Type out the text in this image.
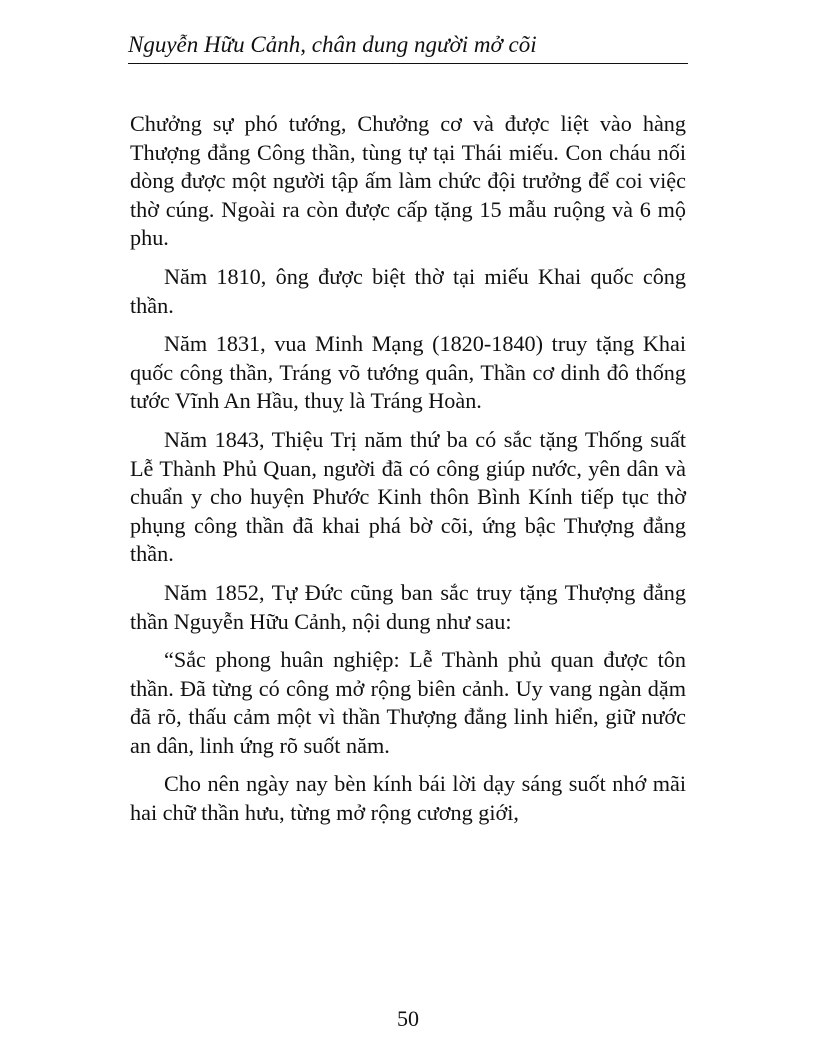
Nguyễn Hữu Cảnh, chân dung người mở cõi

Chưởng sự phó tướng, Chưởng cơ và được liệt vào hàng Thượng đẳng Công thần, tùng tự tại Thái miếu. Con cháu nối dòng được một người tập ấm làm chức đội trưởng để coi việc thờ cúng. Ngoài ra còn được cấp tặng 15 mẫu ruộng và 6 mộ phu.

Năm 1810, ông được biệt thờ tại miếu Khai quốc công thần.

Năm 1831, vua Minh Mạng (1820-1840) truy tặng Khai quốc công thần, Tráng võ tướng quân, Thần cơ dinh đô thống tước Vĩnh An Hầu, thuỵ là Tráng Hoàn.

Năm 1843, Thiệu Trị năm thứ ba có sắc tặng Thống suất Lễ Thành Phủ Quan, người đã có công giúp nước, yên dân và chuẩn y cho huyện Phước Kinh thôn Bình Kính tiếp tục thờ phụng công thần đã khai phá bờ cõi, ứng bậc Thượng đẳng thần.

Năm 1852, Tự Đức cũng ban sắc truy tặng Thượng đẳng thần Nguyễn Hữu Cảnh, nội dung như sau:

“Sắc phong huân nghiệp: Lễ Thành phủ quan được tôn thần. Đã từng có công mở rộng biên cảnh. Uy vang ngàn dặm đã rõ, thấu cảm một vì thần Thượng đẳng linh hiển, giữ nước an dân, linh ứng rõ suốt năm.

Cho nên ngày nay bèn kính bái lời dạy sáng suốt nhớ mãi hai chữ thần hưu, từng mở rộng cương giới,

50
